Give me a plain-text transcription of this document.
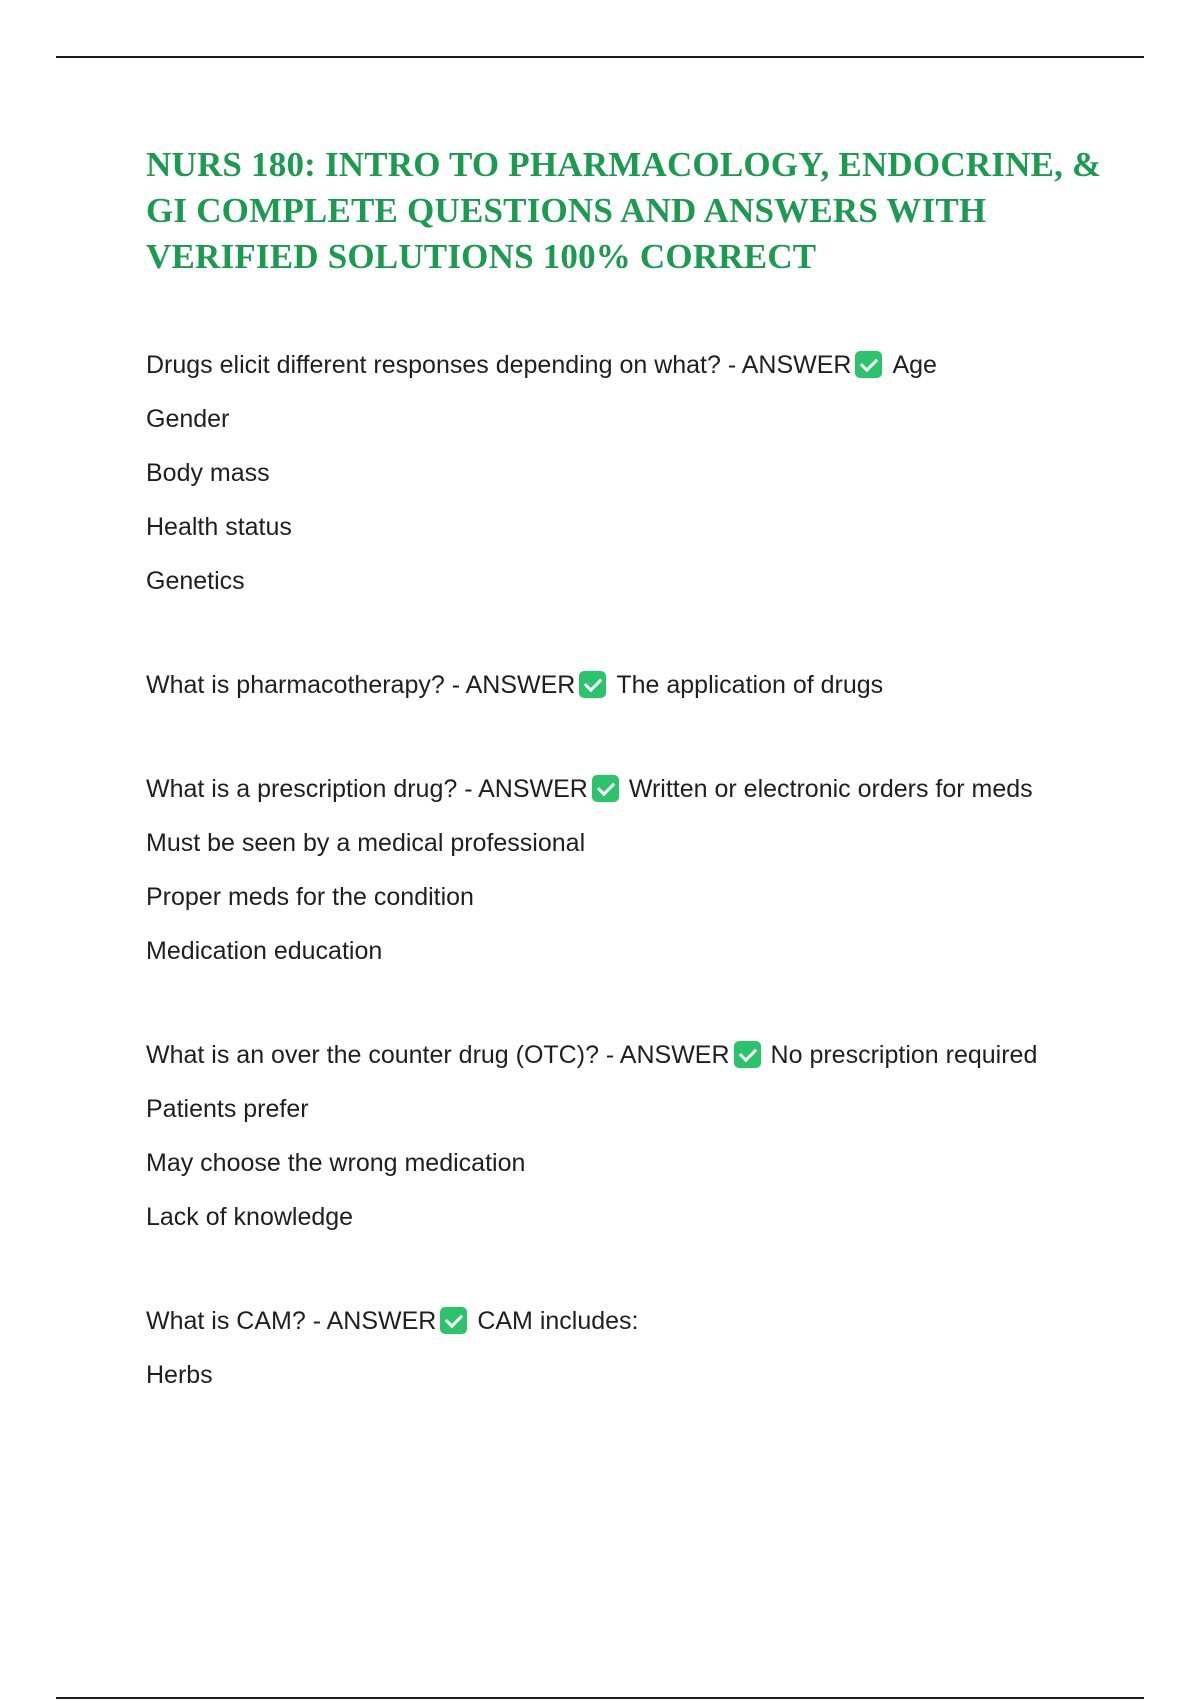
NURS 180: INTRO TO PHARMACOLOGY, ENDOCRINE, & GI COMPLETE QUESTIONS AND ANSWERS WITH VERIFIED SOLUTIONS 100% CORRECT
Drugs elicit different responses depending on what? - ANSWER Age
Gender
Body mass
Health status
Genetics
What is pharmacotherapy? - ANSWER The application of drugs
What is a prescription drug? - ANSWER Written or electronic orders for meds
Must be seen by a medical professional
Proper meds for the condition
Medication education
What is an over the counter drug (OTC)? - ANSWER No prescription required
Patients prefer
May choose the wrong medication
Lack of knowledge
What is CAM? - ANSWER CAM includes:
Herbs
